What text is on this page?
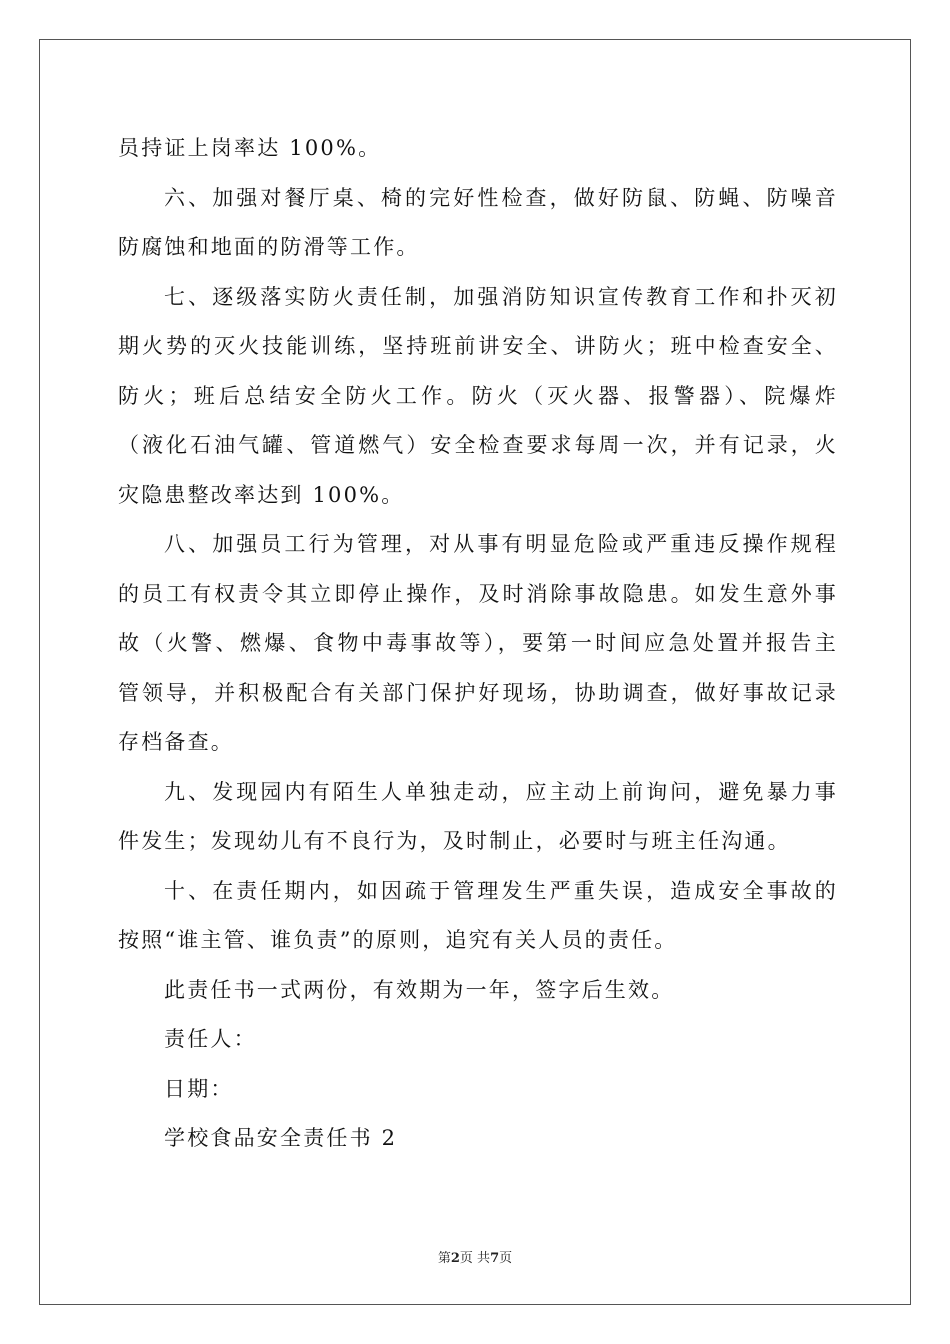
员持证上岗率达 100%。
六、加强对餐厅桌、椅的完好性检查，做好防鼠、防蝇、防噪音
防腐蚀和地面的防滑等工作。
七、逐级落实防火责任制，加强消防知识宣传教育工作和扑灭初
期火势的灭火技能训练，坚持班前讲安全、讲防火；班中检查安全、
防火；班后总结安全防火工作。防火（灭火器、报警器）、院爆炸
（液化石油气罐、管道燃气）安全检查要求每周一次，并有记录，火
灾隐患整改率达到 100%。
八、加强员工行为管理，对从事有明显危险或严重违反操作规程
的员工有权责令其立即停止操作，及时消除事故隐患。如发生意外事
故（火警、燃爆、食物中毒事故等），要第一时间应急处置并报告主
管领导，并积极配合有关部门保护好现场，协助调查，做好事故记录
存档备查。
九、发现园内有陌生人单独走动，应主动上前询问，避免暴力事
件发生；发现幼儿有不良行为，及时制止，必要时与班主任沟通。
十、在责任期内，如因疏于管理发生严重失误，造成安全事故的
按照“谁主管、谁负责”的原则，追究有关人员的责任。
此责任书一式两份，有效期为一年，签字后生效。
责任人：
日期：
学校食品安全责任书 2
第2页 共7页
